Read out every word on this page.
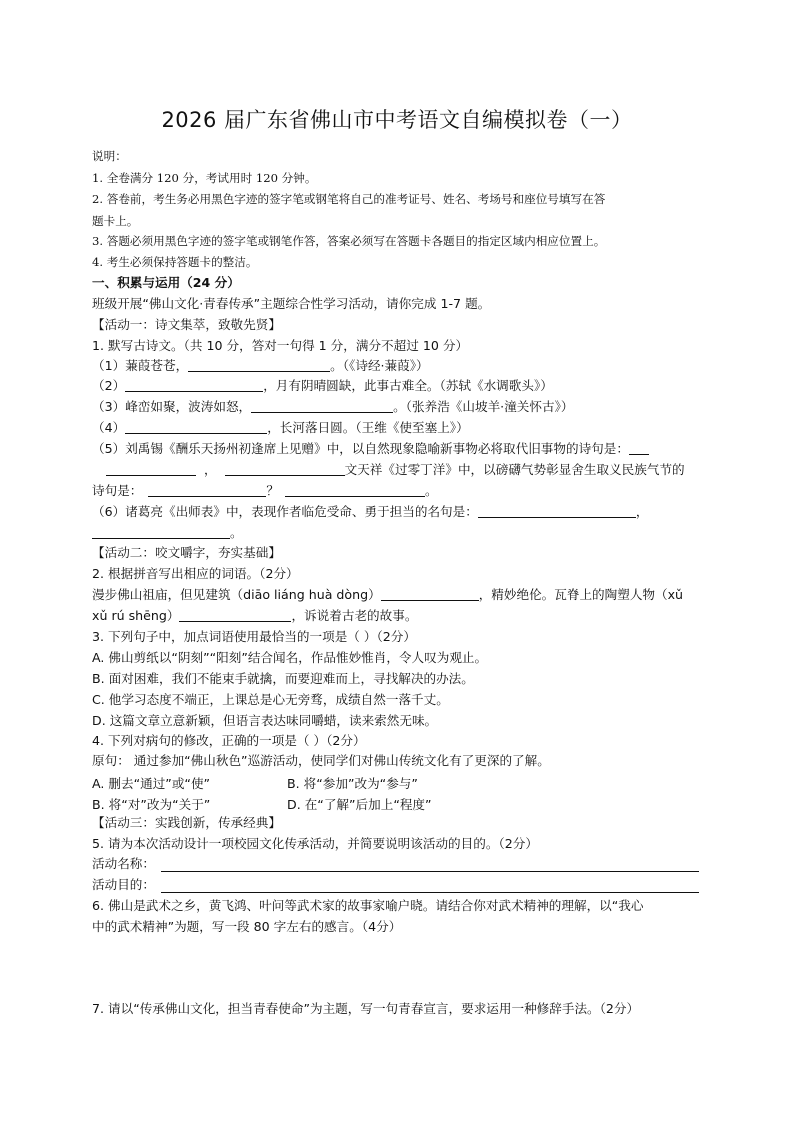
2026 届广东省佛山市中考语文自编模拟卷（一）
说明：
1. 全卷满分 120 分，考试用时 120 分钟。
2. 答卷前，考生务必用黑色字迹的签字笔或钢笔将自己的准考证号、姓名、考场号和座位号填写在答
题卡上。
3. 答题必须用黑色字迹的签字笔或钢笔作答，答案必须写在答题卡各题目的指定区域内相应位置上。
4. 考生必须保持答题卡的整洁。
一、积累与运用（24 分）
班级开展“佛山文化·青春传承”主题综合性学习活动，请你完成 1-7 题。
【活动一：诗文集萃，致敬先贤】
1. 默写古诗文。（共 10 分，答对一句得 1 分，满分不超过 10 分）
（1）蒹葭苍苍，	。（《诗经·蒹葭》）
（2）	，月有阴晴圆缺，此事古难全。（苏轼《水调歌头》）
（3）峰峦如聚，波涛如怒，	。（张养浩《山坡羊·潼关怀古》）
（4）	，长河落日圆。（王维《使至塞上》）
（5）刘禹锡《酬乐天扬州初逢席上见赠》中，以自然现象隐喻新事物必将取代旧事物的诗句是：
，	文天祥《过零丁洋》中，以磅礴气势彰显舍生取义民族气节的
诗句是：	？	。
（6）诸葛亮《出师表》中，表现作者临危受命、勇于担当的名句是：	，
。
【活动二：咬文嚼字，夯实基础】
2. 根据拼音写出相应的词语。（2分）
漫步佛山祖庙，但见建筑（diāo liáng huà dòng）	，精妙绝伦。瓦脊上的陶塑人物（xǔ
xǔ rú shēng）	，诉说着古老的故事。
3. 下列句子中，加点词语使用最恰当的一项是（ ）（2分）
A. 佛山剪纸以“阴刻”“阳刻”结合闻名，作品惟妙惟肖，令人叹为观止。
B. 面对困难，我们不能束手就擒，而要迎难而上，寻找解决的办法。
C. 他学习态度不端正，上课总是心无旁骛，成绩自然一落千丈。
D. 这篇文章立意新颖，但语言表达味同嚼蜡，读来索然无味。
4. 下列对病句的修改，正确的一项是（ ）（2分）
原句： 通过参加“佛山秋色”巡游活动，使同学们对佛山传统文化有了更深的了解。
A. 删去“通过”或“使”	B. 将“参加”改为“参与”
B. 将“对”改为“关于”	D. 在“了解”后加上“程度”
【活动三：实践创新，传承经典】
5. 请为本次活动设计一项校园文化传承活动，并简要说明该活动的目的。（2分）
活动名称：
活动目的：
6. 佛山是武术之乡，黄飞鸿、叶问等武术家的故事家喻户晓。请结合你对武术精神的理解，以“我心
中的武术精神”为题，写一段 80 字左右的感言。（4分）
7. 请以“传承佛山文化，担当青春使命”为主题，写一句青春宣言，要求运用一种修辞手法。（2分）
